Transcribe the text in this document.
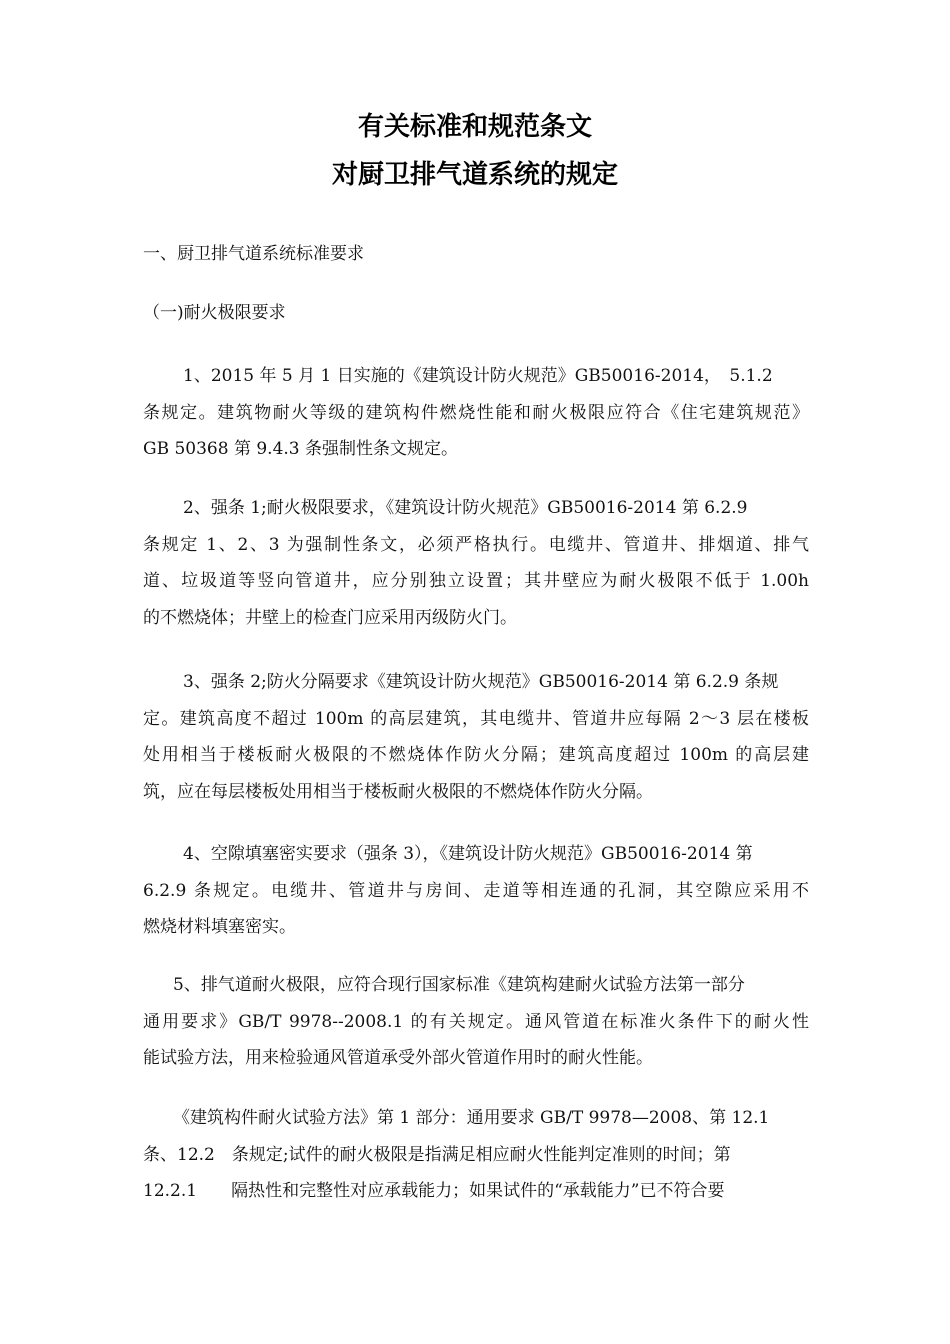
有关标准和规范条文
对厨卫排气道系统的规定
一、厨卫排气道系统标准要求
（一)耐火极限要求
1、2015 年 5 月 1 日实施的《建筑设计防火规范》GB50016-2014，　5.1.2
条规定。建筑物耐火等级的建筑构件燃烧性能和耐火极限应符合《住宅建筑规范》
GB 50368 第 9.4.3 条强制性条文规定。
2、强条 1;耐火极限要求，《建筑设计防火规范》GB50016-2014 第 6.2.9
条规定 1、2、3 为强制性条文，必须严格执行。电缆井、管道井、排烟道、排气
道、垃圾道等竖向管道井，应分别独立设置；其井壁应为耐火极限不低于 1.00h
的不燃烧体；井壁上的检查门应采用丙级防火门。
3、强条 2;防火分隔要求《建筑设计防火规范》GB50016-2014 第 6.2.9 条规
定。建筑高度不超过 100m 的高层建筑，其电缆井、管道井应每隔 2～3 层在楼板
处用相当于楼板耐火极限的不燃烧体作防火分隔；建筑高度超过 100m 的高层建
筑，应在每层楼板处用相当于楼板耐火极限的不燃烧体作防火分隔。
4、空隙填塞密实要求（强条 3），《建筑设计防火规范》GB50016-2014 第
6.2.9 条规定。电缆井、管道井与房间、走道等相连通的孔洞，其空隙应采用不
燃烧材料填塞密实。
5、排气道耐火极限，应符合现行国家标准《建筑构建耐火试验方法第一部分
通用要求》GB/T 9978--2008.1 的有关规定。通风管道在标准火条件下的耐火性
能试验方法，用来检验通风管道承受外部火管道作用时的耐火性能。
《建筑构件耐火试验方法》第 1 部分：通用要求 GB/T 9978—2008、第 12.1
条、12.2　条规定;试件的耐火极限是指满足相应耐火性能判定准则的时间；第
12.2.1　　隔热性和完整性对应承载能力；如果试件的“承载能力”已不符合要
